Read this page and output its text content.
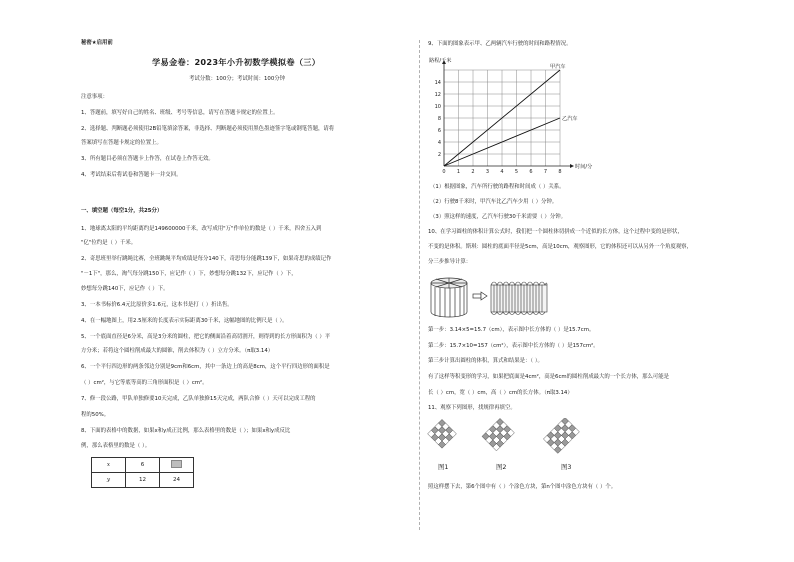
秘密★启用前
学易金卷：2023年小升初数学模拟卷（三）
考试分数：100分；考试时间：100分钟
注意事项：
1、答题前，填写好自己的姓名、班级、考号等信息，请写在答题卡规定的位置上。
2、选择题、判断题必须使用2B铅笔填涂答案，非选择、判断题必须使用黑色墨迹签字笔或钢笔答题，请将
答案填写在答题卡规定的位置上。
3、所有题目必须在答题卡上作答，在试卷上作答无效。
4、考试结束后将试卷和答题卡一并交回。
一、填空题（每空1分，共25分）
1、地球离太阳的平均距离约是149600000千米，改写成用"万"作单位的数是（ ）千米，四舍五入到
"亿"位约是（ ）千米。
2、奇思班里举行跳绳比赛，全班跳绳平均成绩是每分140下，奇思每分能跳139下，如果奇思的成绩记作
"－1下"，那么，淘气每分跳150下，应记作（ ）下，妙想每分跳132下，应记作（ ）下，
妙想每分跳140下，应记作（ ）下。
3、一本书标价6.4元比原价多1.6元，这本书是打（ ）折出售。
4、在一幅地图上，用2.5厘米的长度表示实际距离30千米，这幅地图的比例尺是（ ）。
5、一个底面直径是6分米，高是3分米的圆柱，把它的侧面沿着高切割开，则得到的长方形面积为（ ）平
方分米；若将这个圆柱削成最大的圆锥，削去体积为（ ）立方分米。（π取3.14）
6、一个平行四边形的两条邻边分别是9cm和6cm，其中一条边上的高是8cm，这个平行四边形的面积是
（ ）cm²，与它等底等高的三角形面积是（ ）cm²。
7、修一段公路，甲队单独修要10天完成，乙队单独修15天完成，两队合修（ ）天可以完成工程的
程的50%。
8、下面的表格中的数据，如果x和y成正比例，那么表格里的数是（ ）；如果x和y成反比
例，那么表格里的数是（ ）。
x	6	
y	12	24
9、下面的图象表示甲、乙两辆汽车行驶的时间和路程情况。
时间/分
路程/千米
0 1 2 3 4 5 6 7 8
2
4
6
8
10
12
14
甲汽车
乙汽车
（1）根据图象，汽车所行驶的路程和时间成（ ）关系。
（2）行驶8千米时，甲汽车比乙汽车少用（ ）分钟。
（3）照这样的速度，乙汽车行驶30千米需要（ ）分钟。
10、在学习圆柱的体积计算公式时，我们把一个圆柱体切拼成一个近似的长方体，这个过程中变的是形状，
不变的是体积。斯琪：圆柱的底面半径是5cm，高是10cm，观察图形，它的体积还可以从另外一个角度观察，
分三步推导计算：
第一步：3.14×5=15.7（cm），表示图中长方体的（ ）是15.7cm。
第二步：15.7×10=157（cm²），表示图中长方体的（ ）是157cm²。
第三步计算出圆柱的体积，算式和结果是：（ ）。
有了这样等积变形的学习，如果把底面是4cm²，高是6cm的圆柱削成最大的一个长方体，那么可能是
长（ ）cm，宽（ ）cm，高（ ）cm的长方体。（π取3.14）
11、观察下列图形，找规律再填空。
图1	图2	图3
照这样摆下去，第6个图中有（ ）个涂色方块，第n个图中涂色方块有（ ）个。
